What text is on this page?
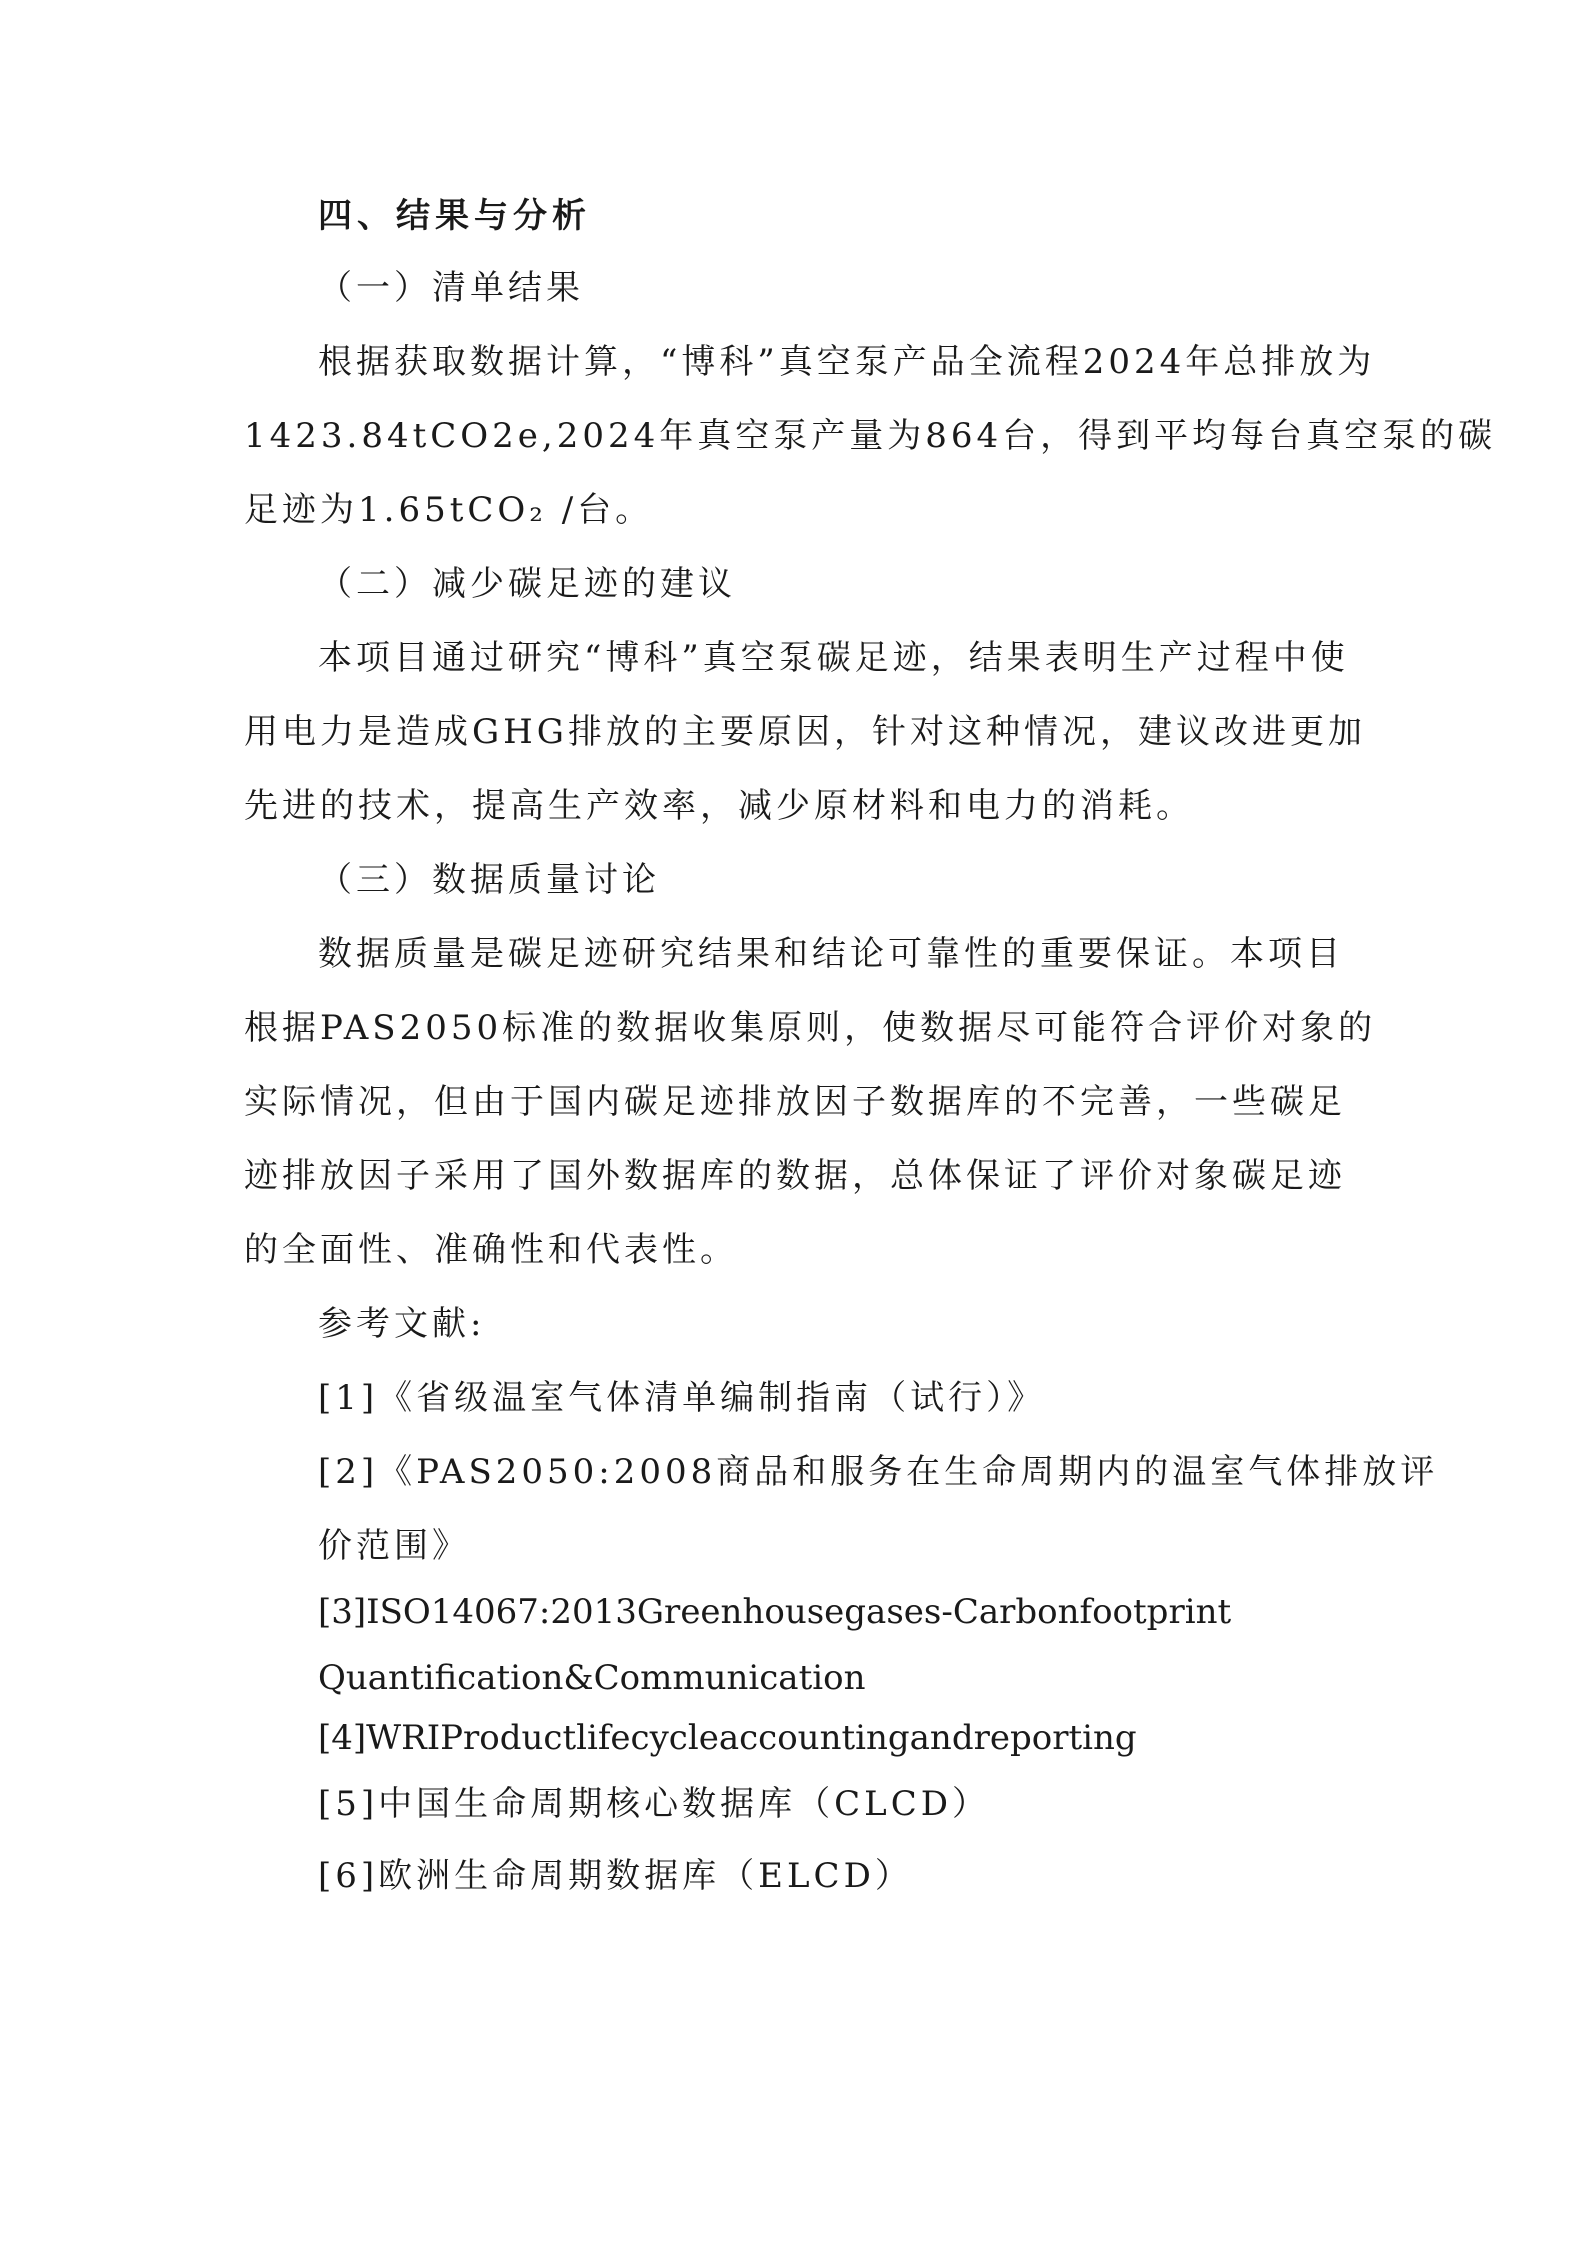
四、结果与分析
（一）清单结果
根据获取数据计算，“博科”真空泵产品全流程2024年总排放为
1423.84tCO2e,2024年真空泵产量为864台，得到平均每台真空泵的碳
足迹为1.65tCO₂ /台。
（二）减少碳足迹的建议
本项目通过研究“博科”真空泵碳足迹，结果表明生产过程中使
用电力是造成GHG排放的主要原因，针对这种情况，建议改进更加
先进的技术，提高生产效率，减少原材料和电力的消耗。
（三）数据质量讨论
数据质量是碳足迹研究结果和结论可靠性的重要保证。本项目
根据PAS2050标准的数据收集原则，使数据尽可能符合评价对象的
实际情况，但由于国内碳足迹排放因子数据库的不完善，一些碳足
迹排放因子采用了国外数据库的数据，总体保证了评价对象碳足迹
的全面性、准确性和代表性。
参考文献:
[1]《省级温室气体清单编制指南（试行）》
[2]《PAS2050:2008商品和服务在生命周期内的温室气体排放评
价范围》
[3]ISO14067:2013Greenhousegases-Carbonfootprint
Quantification&Communication
[4]WRIProductlifecycleaccountingandreporting
[5]中国生命周期核心数据库（CLCD）
[6]欧洲生命周期数据库（ELCD）
